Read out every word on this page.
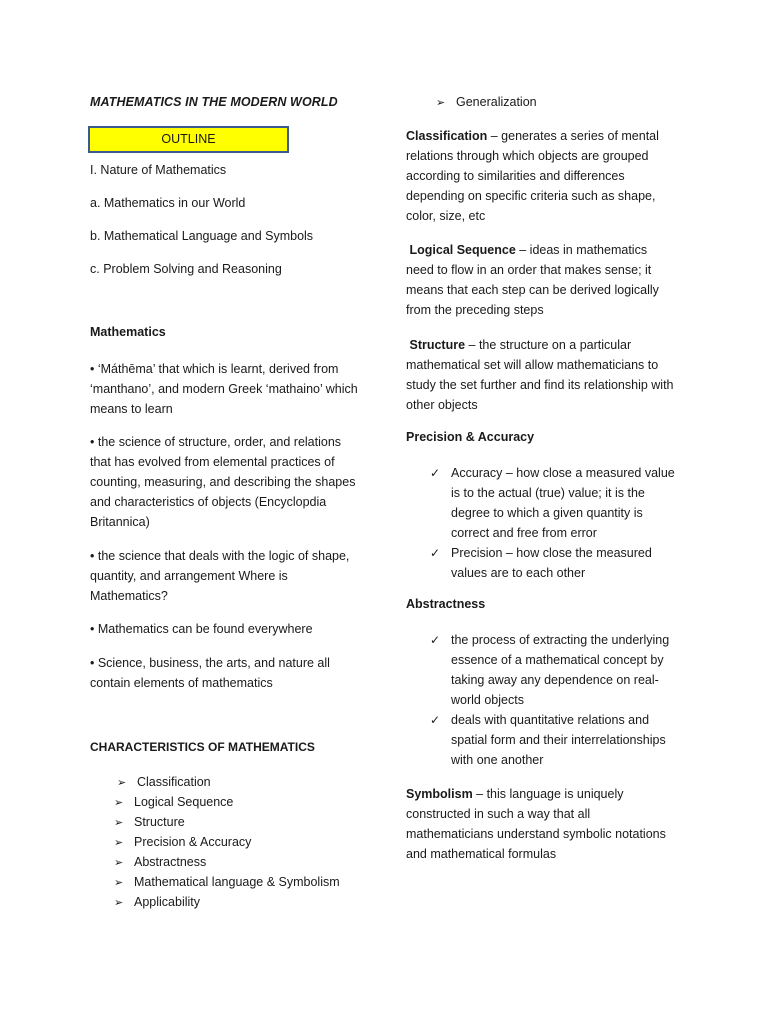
MATHEMATICS IN THE MODERN WORLD
OUTLINE

I. Nature of Mathematics

a. Mathematics in our World

b. Mathematical Language and Symbols

c. Problem Solving and Reasoning

Mathematics

• ‘Máthēma’ that which is learnt, derived from ‘manthano’, and modern Greek ‘mathaino’ which means to learn

• the science of structure, order, and relations that has evolved from elemental practices of counting, measuring, and describing the shapes and characteristics of objects (Encyclopdia Britannica)

• the science that deals with the logic of shape, quantity, and arrangement Where is Mathematics?

• Mathematics can be found everywhere

• Science, business, the arts, and nature all contain elements of mathematics

CHARACTERISTICS OF MATHEMATICS
➢ Classification
➢ Logical Sequence
➢ Structure
➢ Precision & Accuracy
➢ Abstractness
➢ Mathematical language & Symbolism
➢ Applicability
➢ Generalization

Classification – generates a series of mental relations through which objects are grouped according to similarities and differences depending on specific criteria such as shape, color, size, etc

Logical Sequence – ideas in mathematics need to flow in an order that makes sense; it means that each step can be derived logically from the preceding steps

Structure – the structure on a particular mathematical set will allow mathematicians to study the set further and find its relationship with other objects

Precision & Accuracy
✓ Accuracy – how close a measured value is to the actual (true) value; it is the degree to which a given quantity is correct and free from error
✓ Precision – how close the measured values are to each other
Abstractness
✓ the process of extracting the underlying essence of a mathematical concept by taking away any dependence on real-world objects
✓ deals with quantitative relations and spatial form and their interrelationships with one another

Symbolism – this language is uniquely constructed in such a way that all mathematicians understand symbolic notations and mathematical formulas
